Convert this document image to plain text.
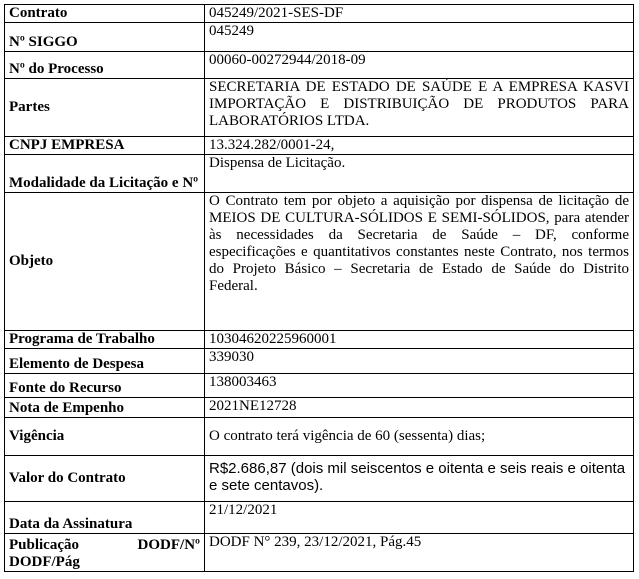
Contrato	045249/2021-SES-DF
Nº SIGGO	045249
Nº do Processo	00060-00272944/2018-09
Partes	SECRETARIA DE ESTADO DE SAÚDE E A EMPRESA KASVI IMPORTAÇÃO E DISTRIBUIÇÃO DE PRODUTOS PARA LABORATÓRIOS LTDA.
CNPJ EMPRESA	13.324.282/0001-24,
Modalidade da Licitação e Nº	Dispensa de Licitação.
Objeto	O Contrato tem por objeto a aquisição por dispensa de licitação de MEIOS DE CULTURA-SÓLIDOS E SEMI-SÓLIDOS, para atender às necessidades da Secretaria de Saúde – DF, conforme especificações e quantitativos constantes neste Contrato, nos termos do Projeto Básico – Secretaria de Estado de Saúde do Distrito Federal.
Programa de Trabalho	10304620225960001
Elemento de Despesa	339030
Fonte do Recurso	138003463
Nota de Empenho	2021NE12728
Vigência	O contrato terá vigência de 60 (sessenta) dias;
Valor do Contrato	R$2.686,87 (dois mil seiscentos e oitenta e seis reais e oitenta e sete centavos).
Data da Assinatura	21/12/2021

Publicação DODF/Nº
DODF/Pág	DODF N° 239, 23/12/2021, Pág.45
